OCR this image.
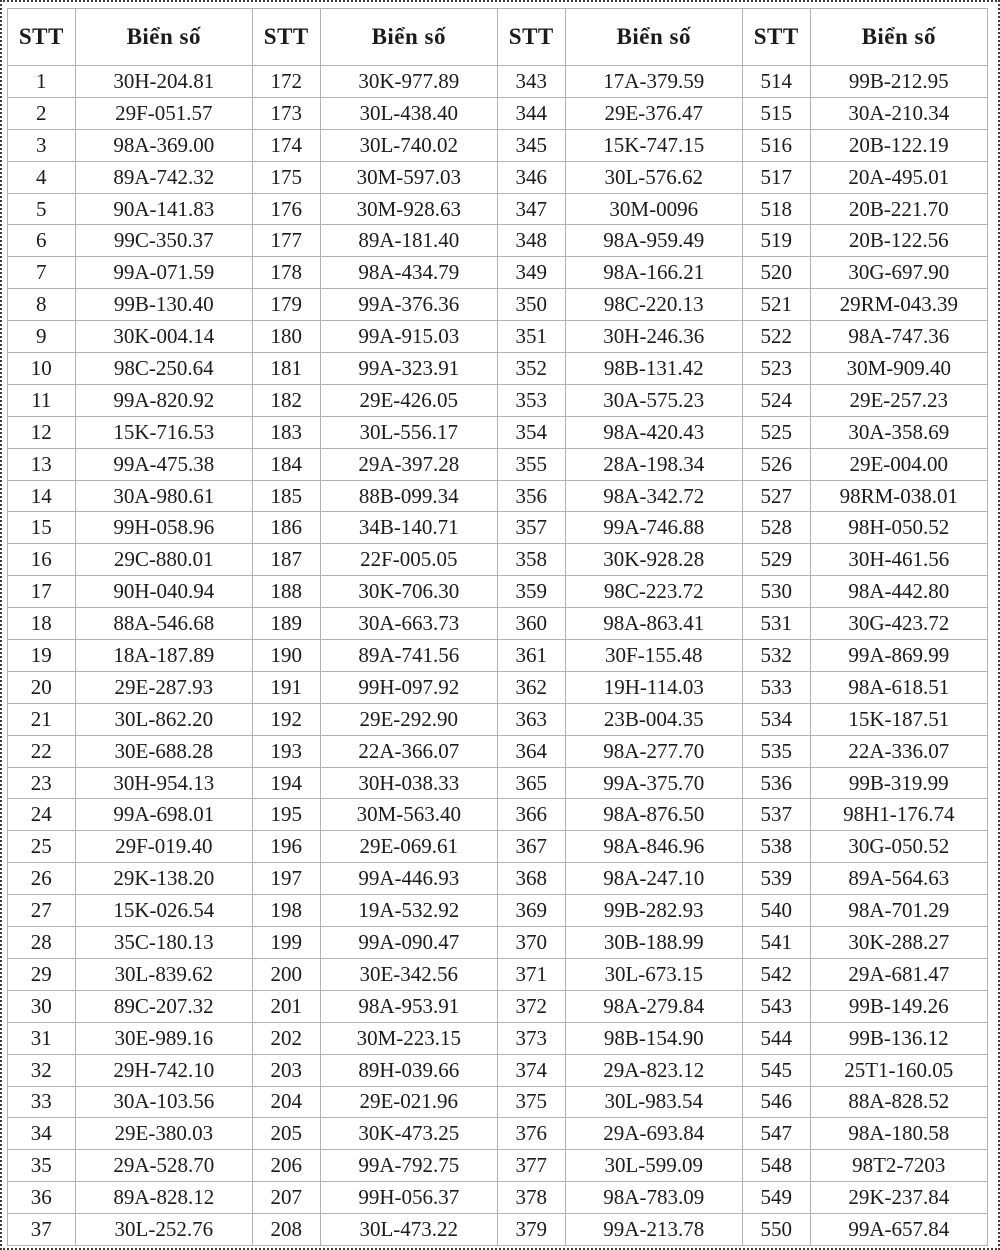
STT	Biển số	STT	Biển số	STT	Biển số	STT	Biển số
1	30H-204.81	172	30K-977.89	343	17A-379.59	514	99B-212.95
2	29F-051.57	173	30L-438.40	344	29E-376.47	515	30A-210.34
3	98A-369.00	174	30L-740.02	345	15K-747.15	516	20B-122.19
4	89A-742.32	175	30M-597.03	346	30L-576.62	517	20A-495.01
5	90A-141.83	176	30M-928.63	347	30M-0096	518	20B-221.70
6	99C-350.37	177	89A-181.40	348	98A-959.49	519	20B-122.56
7	99A-071.59	178	98A-434.79	349	98A-166.21	520	30G-697.90
8	99B-130.40	179	99A-376.36	350	98C-220.13	521	29RM-043.39
9	30K-004.14	180	99A-915.03	351	30H-246.36	522	98A-747.36
10	98C-250.64	181	99A-323.91	352	98B-131.42	523	30M-909.40
11	99A-820.92	182	29E-426.05	353	30A-575.23	524	29E-257.23
12	15K-716.53	183	30L-556.17	354	98A-420.43	525	30A-358.69
13	99A-475.38	184	29A-397.28	355	28A-198.34	526	29E-004.00
14	30A-980.61	185	88B-099.34	356	98A-342.72	527	98RM-038.01
15	99H-058.96	186	34B-140.71	357	99A-746.88	528	98H-050.52
16	29C-880.01	187	22F-005.05	358	30K-928.28	529	30H-461.56
17	90H-040.94	188	30K-706.30	359	98C-223.72	530	98A-442.80
18	88A-546.68	189	30A-663.73	360	98A-863.41	531	30G-423.72
19	18A-187.89	190	89A-741.56	361	30F-155.48	532	99A-869.99
20	29E-287.93	191	99H-097.92	362	19H-114.03	533	98A-618.51
21	30L-862.20	192	29E-292.90	363	23B-004.35	534	15K-187.51
22	30E-688.28	193	22A-366.07	364	98A-277.70	535	22A-336.07
23	30H-954.13	194	30H-038.33	365	99A-375.70	536	99B-319.99
24	99A-698.01	195	30M-563.40	366	98A-876.50	537	98H1-176.74
25	29F-019.40	196	29E-069.61	367	98A-846.96	538	30G-050.52
26	29K-138.20	197	99A-446.93	368	98A-247.10	539	89A-564.63
27	15K-026.54	198	19A-532.92	369	99B-282.93	540	98A-701.29
28	35C-180.13	199	99A-090.47	370	30B-188.99	541	30K-288.27
29	30L-839.62	200	30E-342.56	371	30L-673.15	542	29A-681.47
30	89C-207.32	201	98A-953.91	372	98A-279.84	543	99B-149.26
31	30E-989.16	202	30M-223.15	373	98B-154.90	544	99B-136.12
32	29H-742.10	203	89H-039.66	374	29A-823.12	545	25T1-160.05
33	30A-103.56	204	29E-021.96	375	30L-983.54	546	88A-828.52
34	29E-380.03	205	30K-473.25	376	29A-693.84	547	98A-180.58
35	29A-528.70	206	99A-792.75	377	30L-599.09	548	98T2-7203
36	89A-828.12	207	99H-056.37	378	98A-783.09	549	29K-237.84
37	30L-252.76	208	30L-473.22	379	99A-213.78	550	99A-657.84
